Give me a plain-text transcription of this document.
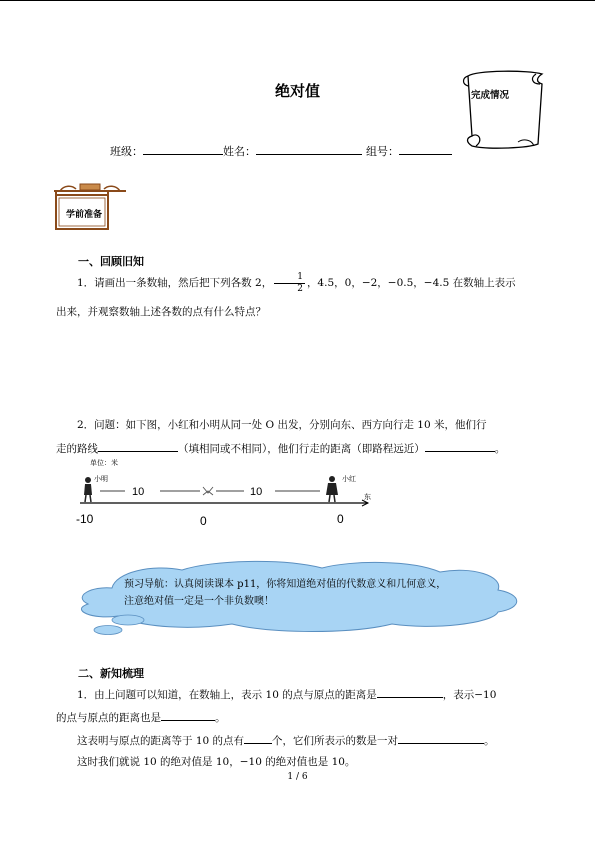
绝对值	完成情况
班级：	姓名：	组号：
学前准备
一、回顾旧知
1．请画出一条数轴，然后把下列各数 2， $\frac{1}{2}$ ，4.5，0，−2，−0.5，−4.5 在数轴上表示
出来，并观察数轴上述各数的点有什么特点？
2．问题：如下图，小红和小明从同一处 O 出发，分别向东、西方向行走 10 米，他们行
走的路线	（填相同或不相同），他们行走的距离（即路程远近）	。
单位：米
东
小明
10	10
小红
-10	0	0
预习导航：认真阅读课本 p11，你将知道绝对值的代数意义和几何意义，注意绝对值一定是一个非负数噢！
二、新知梳理
1．由上问题可以知道，在数轴上，表示 10 的点与原点的距离是	，表示−10
的点与原点的距离也是	。
这表明与原点的距离等于 10 的点有	个，它们所表示的数是一对	。
这时我们就说 10 的绝对值是 10，−10 的绝对值也是 10。
1 / 6
